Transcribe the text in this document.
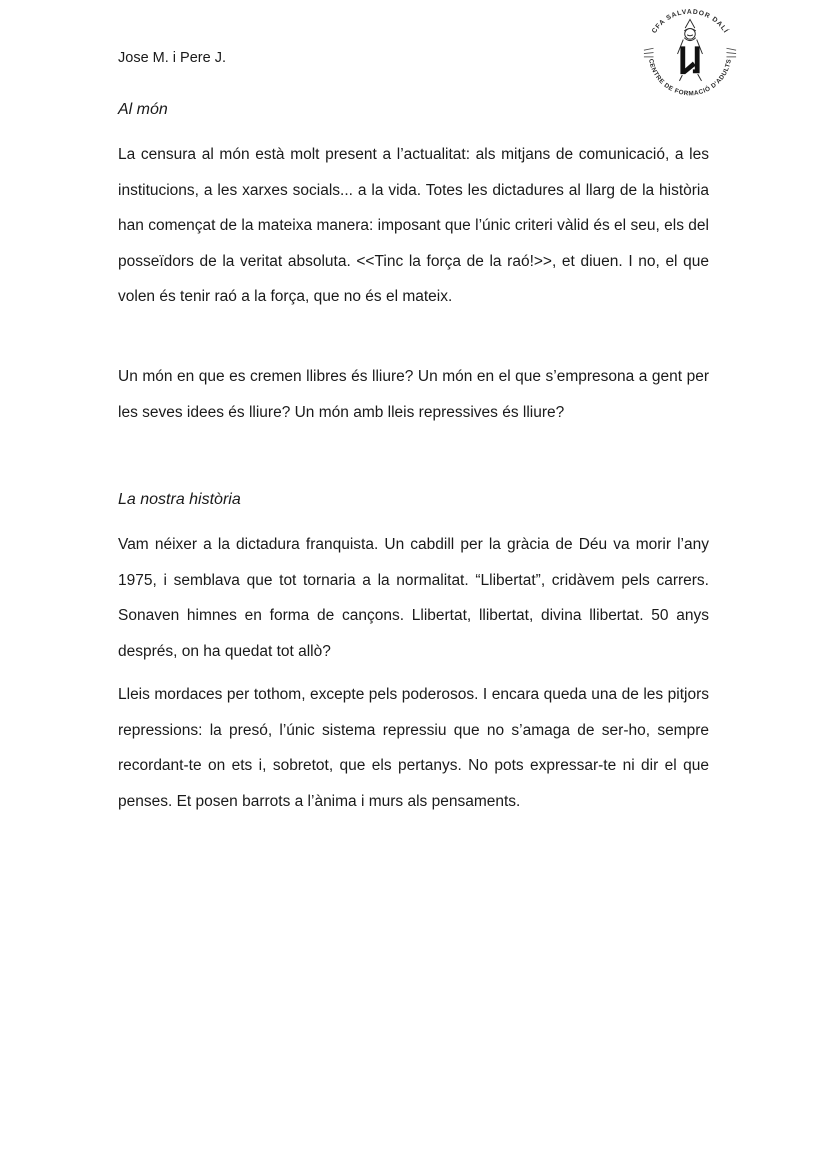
Jose M. i Pere J.
CFA SALVADOR DALÍ
CENTRE DE FORMACIÓ D'ADULTS
Al món

La censura al món està molt present a l’actualitat: als mitjans de comunicació, a les institucions, a les xarxes socials... a la vida. Totes les dictadures al llarg de la història han començat de la mateixa manera: imposant que l’únic criteri vàlid és el seu, els del posseïdors de la veritat absoluta. <<Tinc la força de la raó!>>, et diuen. I no, el que volen és tenir raó a la força, que no és el mateix.

Un món en que es cremen llibres és lliure? Un món en el que s’empresona a gent per les seves idees és lliure? Un món amb lleis repressives és lliure?

La nostra història

Vam néixer a la dictadura franquista. Un cabdill per la gràcia de Déu va morir l’any 1975, i semblava que tot tornaria a la normalitat. “Llibertat”, cridàvem pels carrers. Sonaven himnes en forma de cançons. Llibertat, llibertat, divina llibertat. 50 anys després, on ha quedat tot allò?

Lleis mordaces per tothom, excepte pels poderosos. I encara queda una de les pitjors repressions: la presó, l’únic sistema repressiu que no s’amaga de ser-ho, sempre recordant-te on ets i, sobretot, que els pertanys. No pots expressar-te ni dir el que penses. Et posen barrots a l’ànima i murs als pensaments.
